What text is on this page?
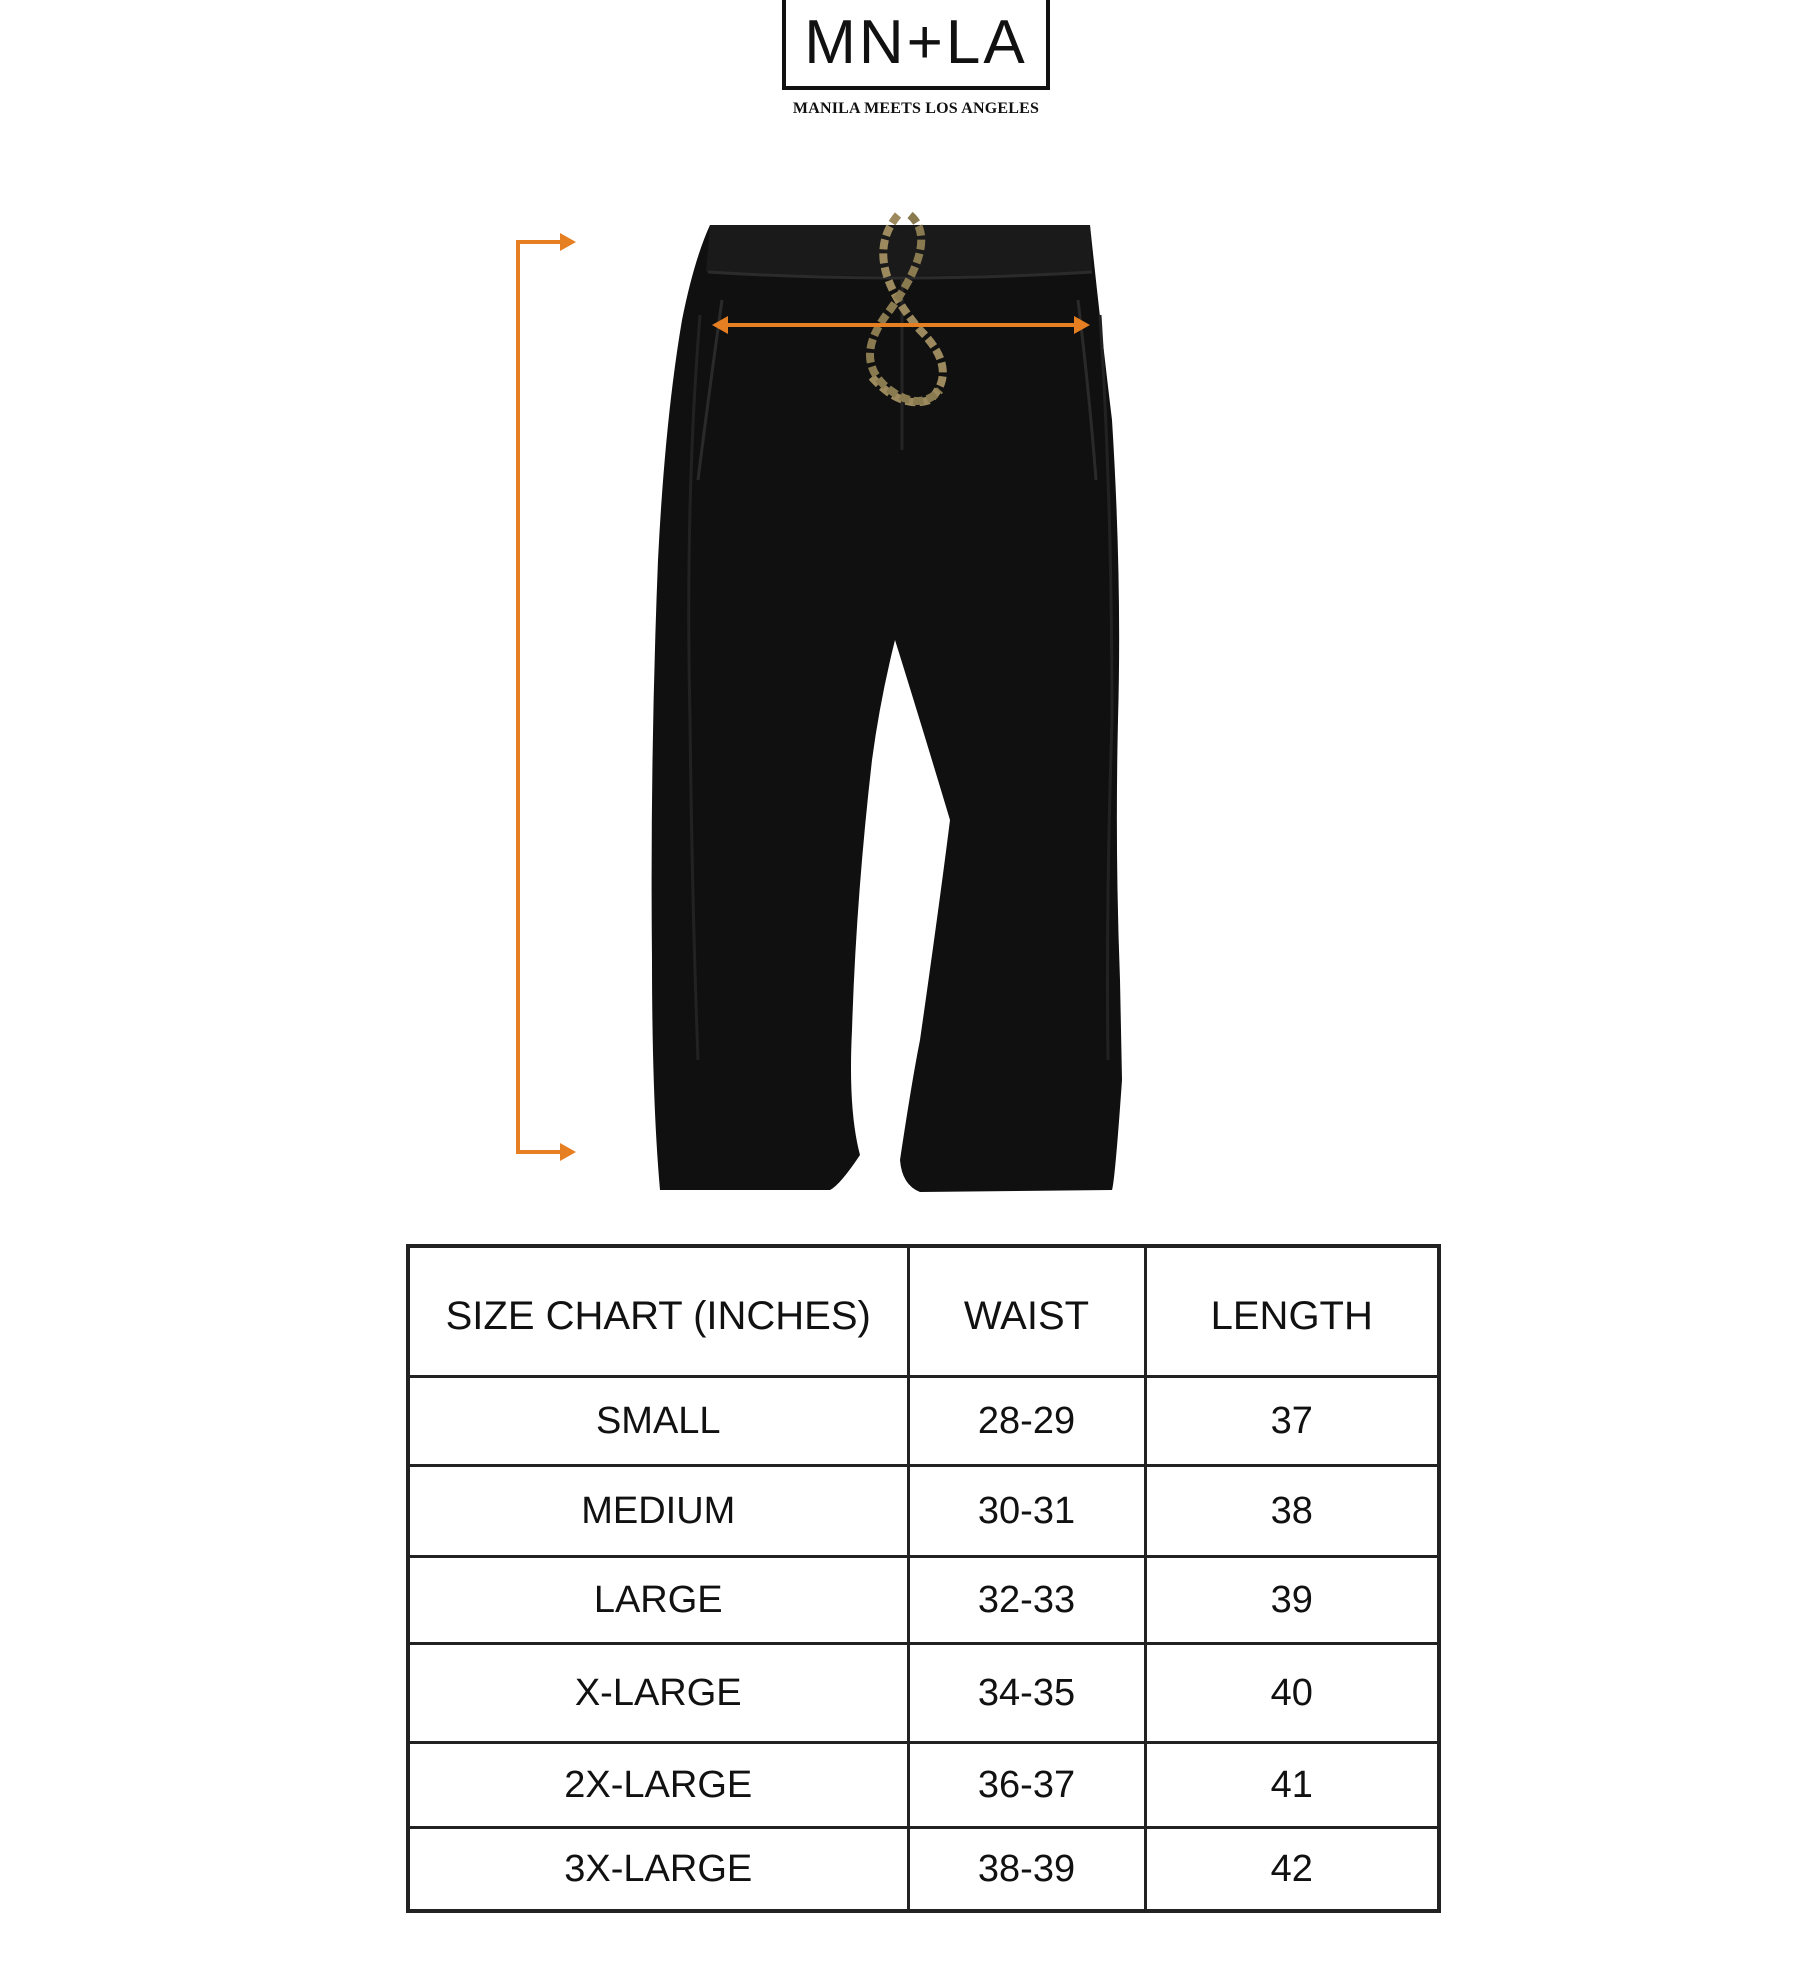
MN+LA
MANILA MEETS LOS ANGELES
SIZE CHART (INCHES)	WAIST	LENGTH
SMALL	28-29	37
MEDIUM	30-31	38
LARGE	32-33	39
X-LARGE	34-35	40
2X-LARGE	36-37	41
3X-LARGE	38-39	42
